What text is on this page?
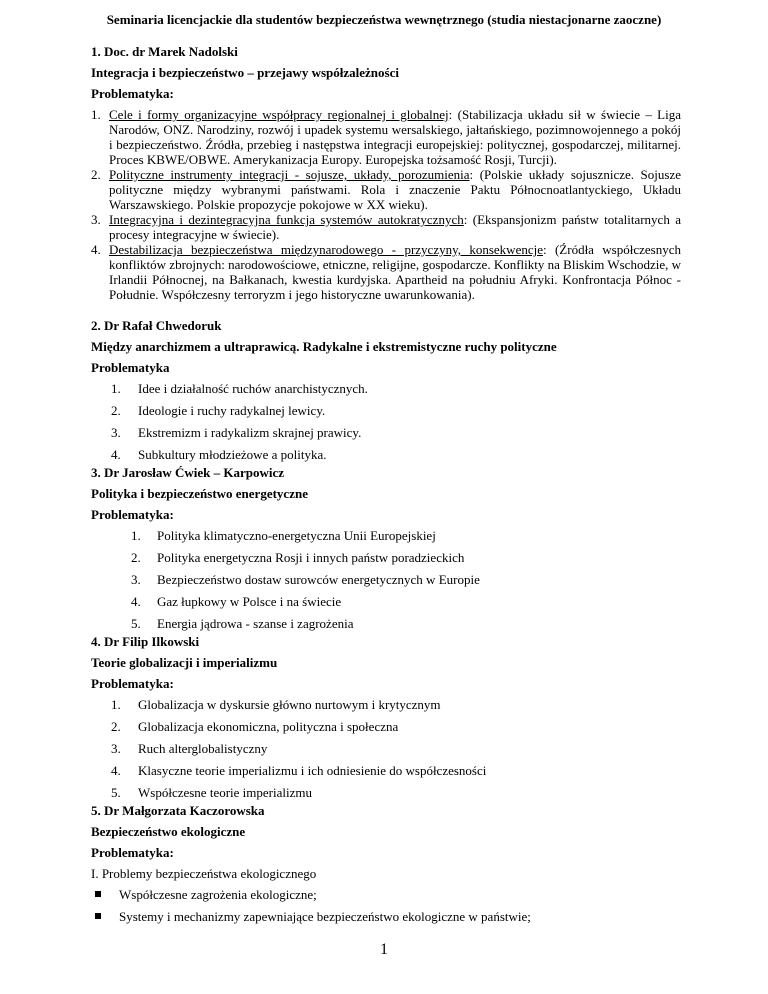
Seminaria licencjackie dla studentów bezpieczeństwa wewnętrznego (studia niestacjonarne zaoczne)

1. Doc. dr Marek Nadolski

Integracja i bezpieczeństwo – przejawy współzależności

Problematyka:

1. Cele i formy organizacyjne współpracy regionalnej i globalnej: (Stabilizacja układu sił w świecie – Liga Narodów, ONZ. Narodziny, rozwój i upadek systemu wersalskiego, jałtańskiego, pozimnowojennego a pokój i bezpieczeństwo. Źródła, przebieg i następstwa integracji europejskiej: politycznej, gospodarczej, militarnej. Proces KBWE/OBWE. Amerykanizacja Europy. Europejska tożsamość Rosji, Turcji).
2. Polityczne instrumenty integracji - sojusze, układy, porozumienia: (Polskie układy sojusznicze. Sojusze polityczne między wybranymi państwami. Rola i znaczenie Paktu Północnoatlantyckiego, Układu Warszawskiego. Polskie propozycje pokojowe w XX wieku).
3. Integracyjna i dezintegracyjna funkcja systemów autokratycznych: (Ekspansjonizm państw totalitarnych a procesy integracyjne w świecie).
4. Destabilizacja bezpieczeństwa międzynarodowego - przyczyny, konsekwencje: (Źródła współczesnych konfliktów zbrojnych: narodowościowe, etniczne, religijne, gospodarcze. Konflikty na Bliskim Wschodzie, w Irlandii Północnej, na Bałkanach, kwestia kurdyjska. Apartheid na południu Afryki. Konfrontacja Północ - Południe. Współczesny terroryzm i jego historyczne uwarunkowania).

2. Dr Rafał Chwedoruk

Między anarchizmem a ultraprawicą. Radykalne i ekstremistyczne ruchy polityczne

Problematyka

1. Idee i działalność ruchów anarchistycznych.
2. Ideologie i ruchy radykalnej lewicy.
3. Ekstremizm i radykalizm skrajnej prawicy.
4. Subkultury młodzieżowe a polityka.

3. Dr Jarosław Ćwiek – Karpowicz

Polityka i bezpieczeństwo energetyczne

Problematyka:

1. Polityka klimatyczno-energetyczna Unii Europejskiej
2. Polityka energetyczna Rosji i innych państw poradzieckich
3. Bezpieczeństwo dostaw surowców energetycznych w Europie
4. Gaz łupkowy w Polsce i na świecie
5. Energia jądrowa - szanse i zagrożenia

4. Dr Filip Ilkowski

Teorie globalizacji i imperializmu

Problematyka:

1. Globalizacja w dyskursie główno nurtowym i krytycznym
2. Globalizacja ekonomiczna, polityczna i społeczna
3. Ruch alterglobalistyczny
4. Klasyczne teorie imperializmu i ich odniesienie do współczesności
5. Współczesne teorie imperializmu

5. Dr Małgorzata Kaczorowska

Bezpieczeństwo ekologiczne

Problematyka:

I. Problemy bezpieczeństwa ekologicznego

Współczesne zagrożenia ekologiczne;
Systemy i mechanizmy zapewniające bezpieczeństwo ekologiczne w państwie;
1
